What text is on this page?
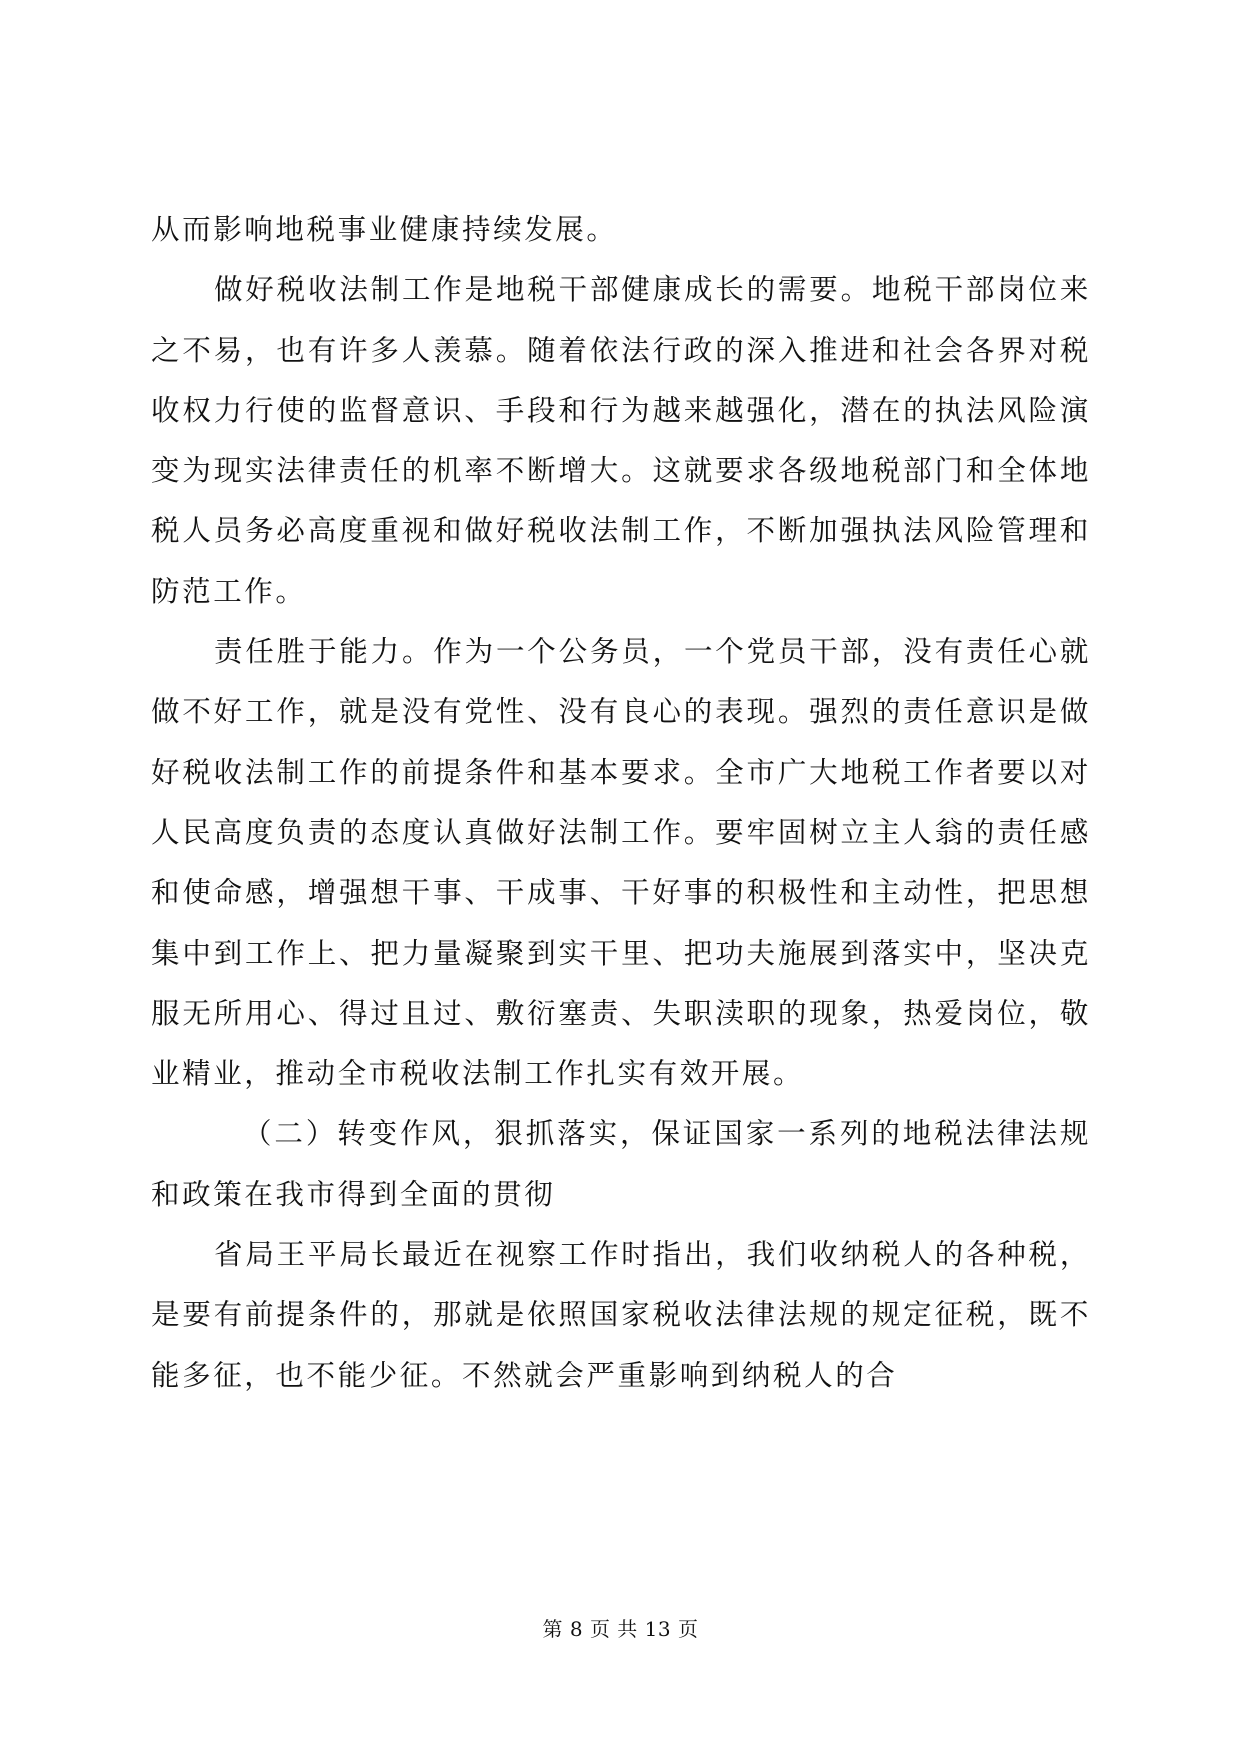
从而影响地税事业健康持续发展。

做好税收法制工作是地税干部健康成长的需要。地税干部岗位来之不易，也有许多人羡慕。随着依法行政的深入推进和社会各界对税收权力行使的监督意识、手段和行为越来越强化，潜在的执法风险演变为现实法律责任的机率不断增大。这就要求各级地税部门和全体地税人员务必高度重视和做好税收法制工作，不断加强执法风险管理和防范工作。

责任胜于能力。作为一个公务员，一个党员干部，没有责任心就做不好工作，就是没有党性、没有良心的表现。强烈的责任意识是做好税收法制工作的前提条件和基本要求。全市广大地税工作者要以对人民高度负责的态度认真做好法制工作。要牢固树立主人翁的责任感和使命感，增强想干事、干成事、干好事的积极性和主动性，把思想集中到工作上、把力量凝聚到实干里、把功夫施展到落实中，坚决克服无所用心、得过且过、敷衍塞责、失职渎职的现象，热爱岗位，敬业精业，推动全市税收法制工作扎实有效开展。

（二）转变作风，狠抓落实，保证国家一系列的地税法律法规和政策在我市得到全面的贯彻

省局王平局长最近在视察工作时指出，我们收纳税人的各种税，是要有前提条件的，那就是依照国家税收法律法规的规定征税，既不能多征，也不能少征。不然就会严重影响到纳税人的合

第 8 页 共 13 页
